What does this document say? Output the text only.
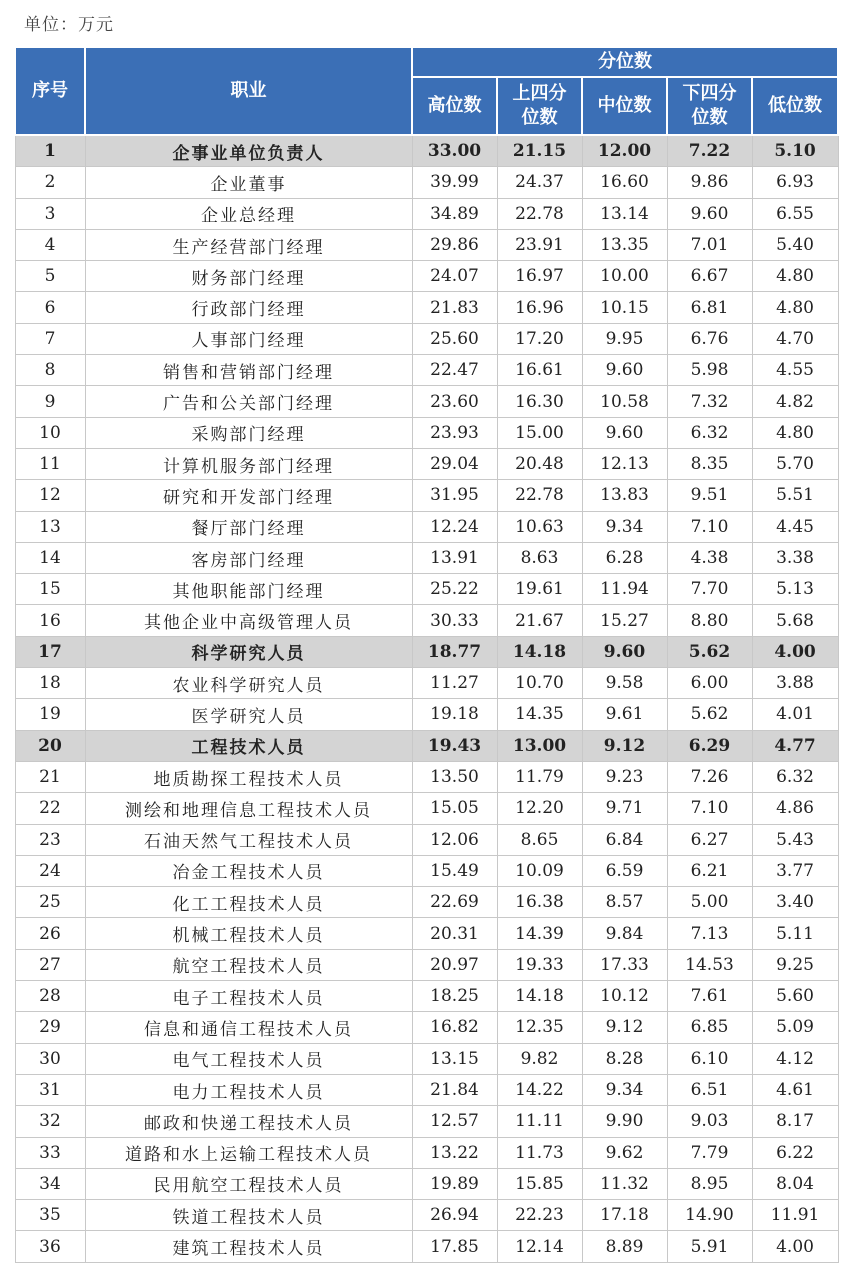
单位：万元
序号	职业	分位数				
		高位数	上四分位数	中位数	下四分位数	低位数
1	企事业单位负责人	33.00	21.15	12.00	7.22	5.10
2	企业董事	39.99	24.37	16.60	9.86	6.93
3	企业总经理	34.89	22.78	13.14	9.60	6.55
4	生产经营部门经理	29.86	23.91	13.35	7.01	5.40
5	财务部门经理	24.07	16.97	10.00	6.67	4.80
6	行政部门经理	21.83	16.96	10.15	6.81	4.80
7	人事部门经理	25.60	17.20	9.95	6.76	4.70
8	销售和营销部门经理	22.47	16.61	9.60	5.98	4.55
9	广告和公关部门经理	23.60	16.30	10.58	7.32	4.82
10	采购部门经理	23.93	15.00	9.60	6.32	4.80
11	计算机服务部门经理	29.04	20.48	12.13	8.35	5.70
12	研究和开发部门经理	31.95	22.78	13.83	9.51	5.51
13	餐厅部门经理	12.24	10.63	9.34	7.10	4.45
14	客房部门经理	13.91	8.63	6.28	4.38	3.38
15	其他职能部门经理	25.22	19.61	11.94	7.70	5.13
16	其他企业中高级管理人员	30.33	21.67	15.27	8.80	5.68
17	科学研究人员	18.77	14.18	9.60	5.62	4.00
18	农业科学研究人员	11.27	10.70	9.58	6.00	3.88
19	医学研究人员	19.18	14.35	9.61	5.62	4.01
20	工程技术人员	19.43	13.00	9.12	6.29	4.77
21	地质勘探工程技术人员	13.50	11.79	9.23	7.26	6.32
22	测绘和地理信息工程技术人员	15.05	12.20	9.71	7.10	4.86
23	石油天然气工程技术人员	12.06	8.65	6.84	6.27	5.43
24	冶金工程技术人员	15.49	10.09	6.59	6.21	3.77
25	化工工程技术人员	22.69	16.38	8.57	5.00	3.40
26	机械工程技术人员	20.31	14.39	9.84	7.13	5.11
27	航空工程技术人员	20.97	19.33	17.33	14.53	9.25
28	电子工程技术人员	18.25	14.18	10.12	7.61	5.60
29	信息和通信工程技术人员	16.82	12.35	9.12	6.85	5.09
30	电气工程技术人员	13.15	9.82	8.28	6.10	4.12
31	电力工程技术人员	21.84	14.22	9.34	6.51	4.61
32	邮政和快递工程技术人员	12.57	11.11	9.90	9.03	8.17
33	道路和水上运输工程技术人员	13.22	11.73	9.62	7.79	6.22
34	民用航空工程技术人员	19.89	15.85	11.32	8.95	8.04
35	铁道工程技术人员	26.94	22.23	17.18	14.90	11.91
36	建筑工程技术人员	17.85	12.14	8.89	5.91	4.00
